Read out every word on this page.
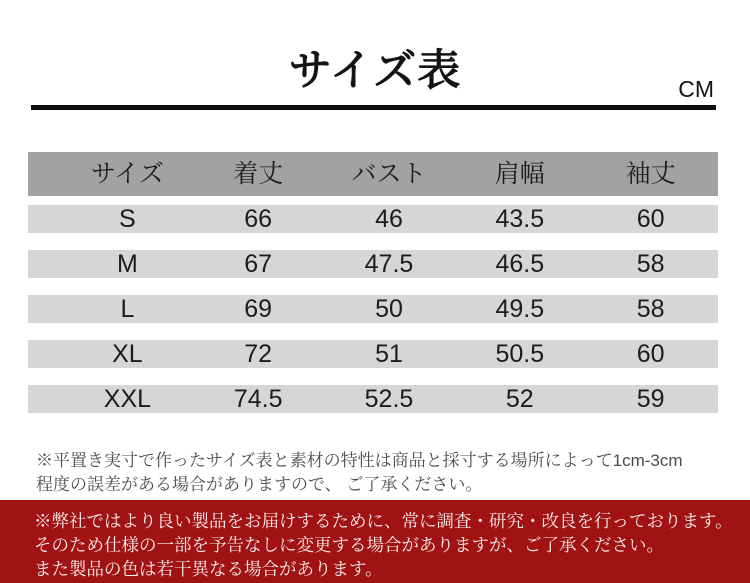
サイズ表	CM
サイズ	着丈	バスト	肩幅	袖丈
S	66	46	43.5	60
M	67	47.5	46.5	58
L	69	50	49.5	58
XL	72	51	50.5	60
XXL	74.5	52.5	52	59
※平置き実寸で作ったサイズ表と素材の特性は商品と採寸する場所によって1cm-3cm
程度の誤差がある場合がありますので、 ご了承ください。
※弊社ではより良い製品をお届けするために、常に調査・研究・改良を行っております。
そのため仕様の一部を予告なしに変更する場合がありますが、ご了承ください。
また製品の色は若干異なる場合があります。
